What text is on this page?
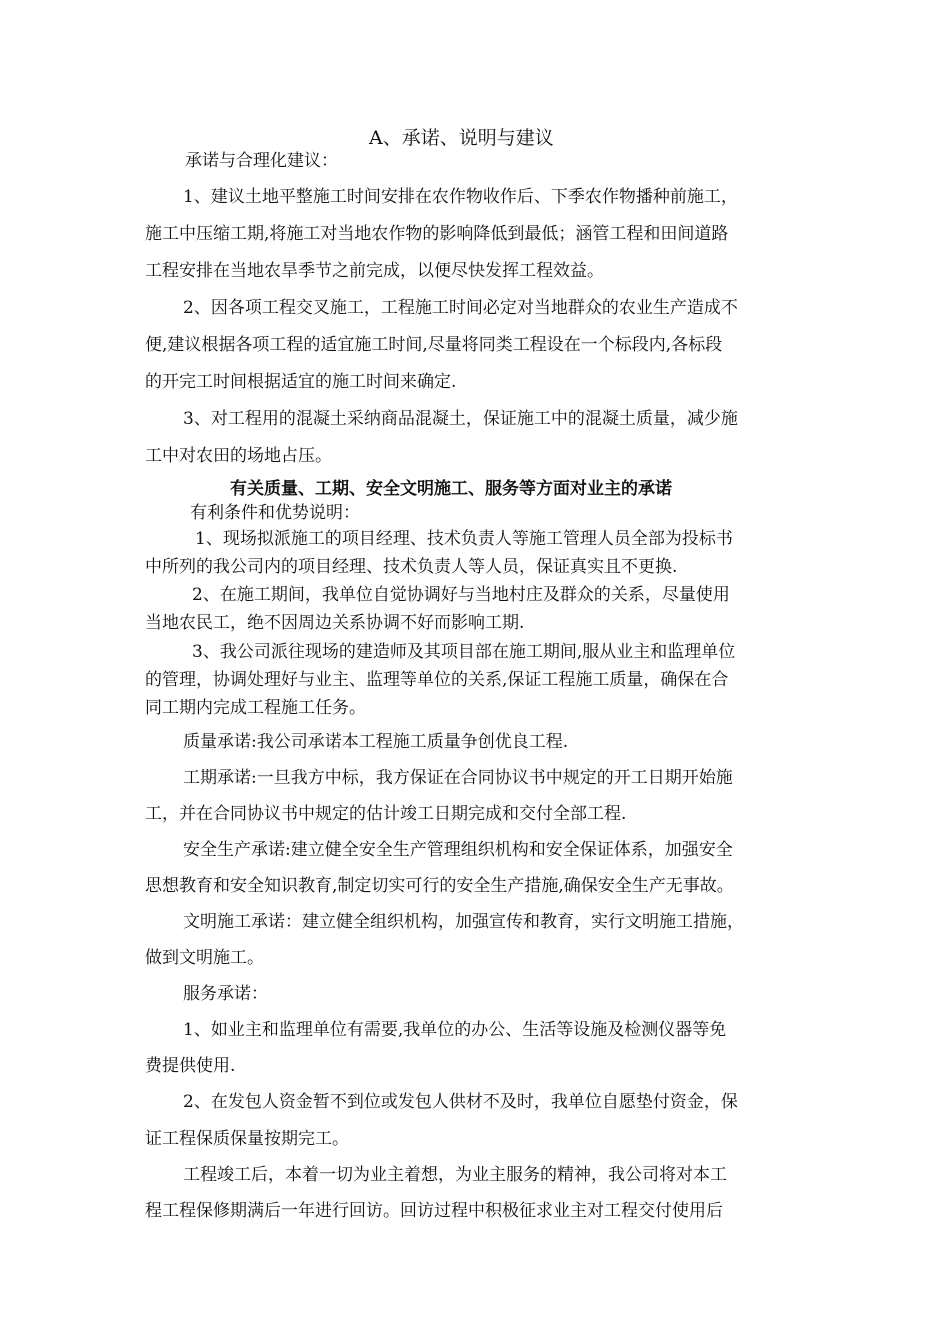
A、承诺、说明与建议
承诺与合理化建议：
1、建议土地平整施工时间安排在农作物收作后、下季农作物播种前施工，
施工中压缩工期,将施工对当地农作物的影响降低到最低；涵管工程和田间道路
工程安排在当地农旱季节之前完成，以便尽快发挥工程效益。
2、因各项工程交叉施工，工程施工时间必定对当地群众的农业生产造成不
便,建议根据各项工程的适宜施工时间,尽量将同类工程设在一个标段内,各标段
的开完工时间根据适宜的施工时间来确定.
3、对工程用的混凝土采纳商品混凝土，保证施工中的混凝土质量，减少施
工中对农田的场地占压。
有关质量、工期、安全文明施工、服务等方面对业主的承诺
有利条件和优势说明：
1、现场拟派施工的项目经理、技术负责人等施工管理人员全部为投标书
中所列的我公司内的项目经理、技术负责人等人员，保证真实且不更换.
2、在施工期间，我单位自觉协调好与当地村庄及群众的关系，尽量使用
当地农民工，绝不因周边关系协调不好而影响工期.
3、我公司派往现场的建造师及其项目部在施工期间,服从业主和监理单位
的管理，协调处理好与业主、监理等单位的关系,保证工程施工质量，确保在合
同工期内完成工程施工任务。
质量承诺:我公司承诺本工程施工质量争创优良工程.
工期承诺:一旦我方中标，我方保证在合同协议书中规定的开工日期开始施
工，并在合同协议书中规定的估计竣工日期完成和交付全部工程.
安全生产承诺:建立健全安全生产管理组织机构和安全保证体系，加强安全
思想教育和安全知识教育,制定切实可行的安全生产措施,确保安全生产无事故。
文明施工承诺：建立健全组织机构，加强宣传和教育，实行文明施工措施，
做到文明施工。
服务承诺：
1、如业主和监理单位有需要,我单位的办公、生活等设施及检测仪器等免
费提供使用.
2、在发包人资金暂不到位或发包人供材不及时，我单位自愿垫付资金，保
证工程保质保量按期完工。
工程竣工后，本着一切为业主着想，为业主服务的精神，我公司将对本工
程工程保修期满后一年进行回访。回访过程中积极征求业主对工程交付使用后
